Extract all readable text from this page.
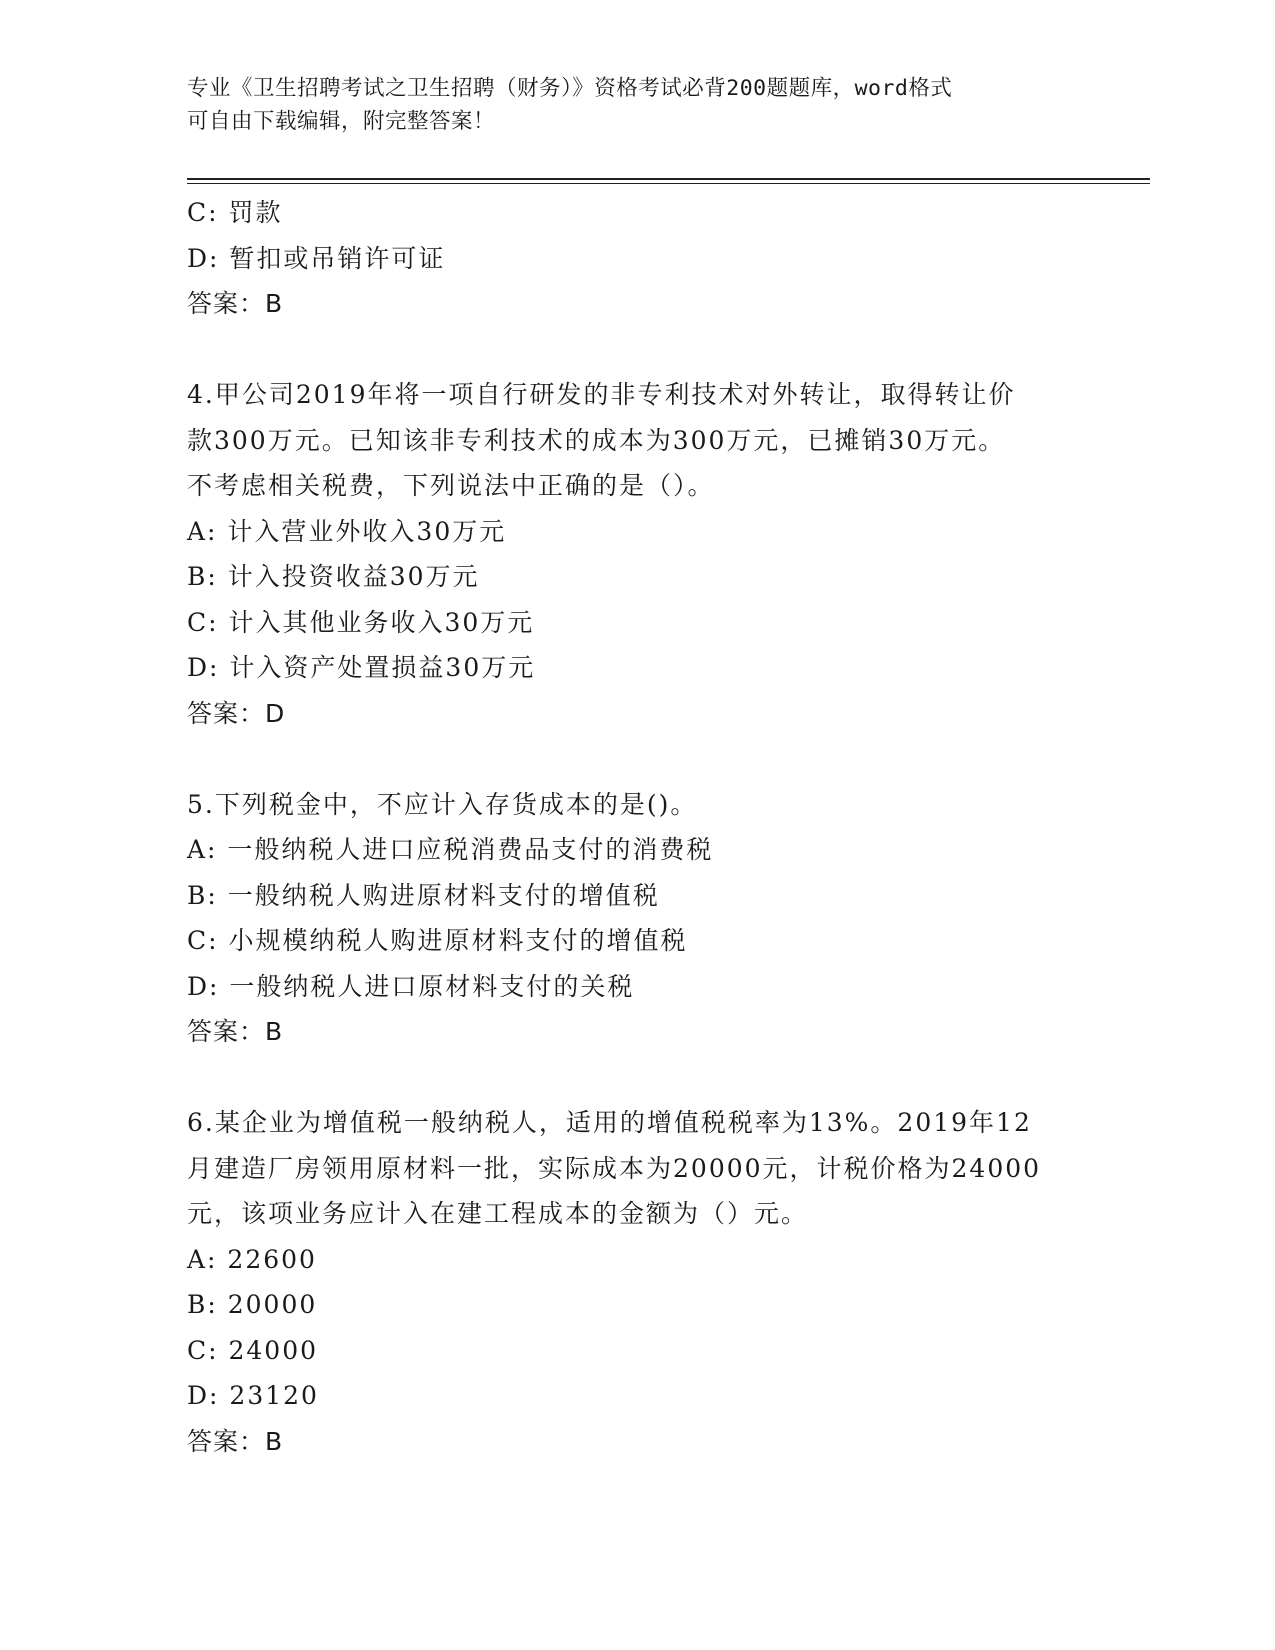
专业《卫生招聘考试之卫生招聘（财务）》资格考试必背200题题库，word格式
可自由下载编辑，附完整答案！
C: 罚款
D: 暂扣或吊销许可证
答案：B
4.甲公司2019年将一项自行研发的非专利技术对外转让，取得转让价
款300万元。已知该非专利技术的成本为300万元，已摊销30万元。
不考虑相关税费，下列说法中正确的是（）。
A: 计入营业外收入30万元
B: 计入投资收益30万元
C: 计入其他业务收入30万元
D: 计入资产处置损益30万元
答案：D
5.下列税金中，不应计入存货成本的是()。
A: 一般纳税人进口应税消费品支付的消费税
B: 一般纳税人购进原材料支付的增值税
C: 小规模纳税人购进原材料支付的增值税
D: 一般纳税人进口原材料支付的关税
答案：B
6.某企业为增值税一般纳税人，适用的增值税税率为13%。2019年12
月建造厂房领用原材料一批，实际成本为20000元，计税价格为24000
元，该项业务应计入在建工程成本的金额为（）元。
A: 22600
B: 20000
C: 24000
D: 23120
答案：B
